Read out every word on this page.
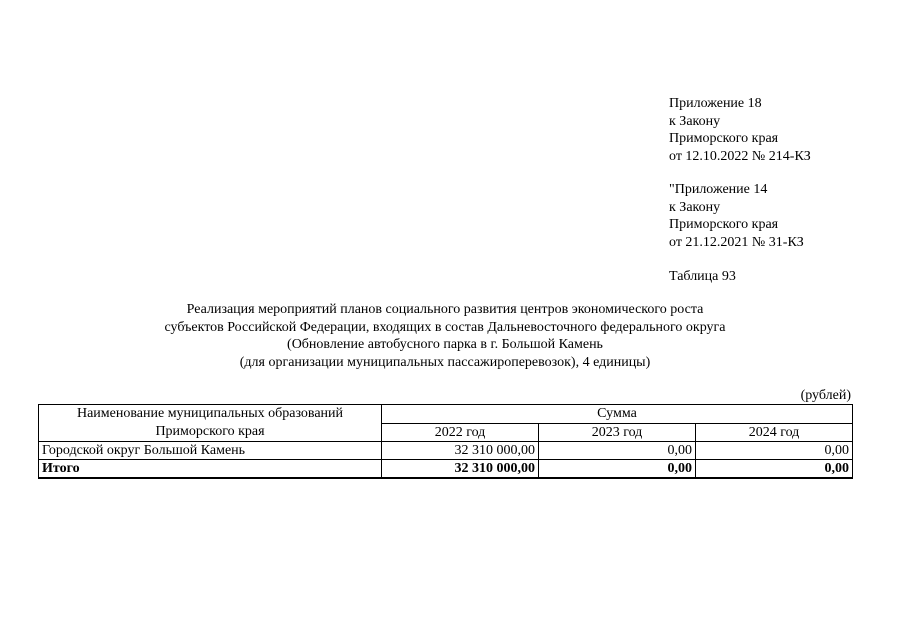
Приложение 18
к Закону
Приморского края
от 12.10.2022 № 214-КЗ
"Приложение 14
к Закону
Приморского края
от 21.12.2021 № 31-КЗ
Таблица 93
Реализация мероприятий планов социального развития центров экономического роста
субъектов Российской Федерации, входящих в состав Дальневосточного федерального округа
(Обновление автобусного парка в г. Большой Камень
(для организации муниципальных пассажироперевозок), 4 единицы)
(рублей)
Наименование муниципальных образований
Приморского края	Сумма		
	2022 год	2023 год	2024 год
Городской округ Большой Камень	32 310 000,00	0,00	0,00
Итого	32 310 000,00	0,00	0,00
